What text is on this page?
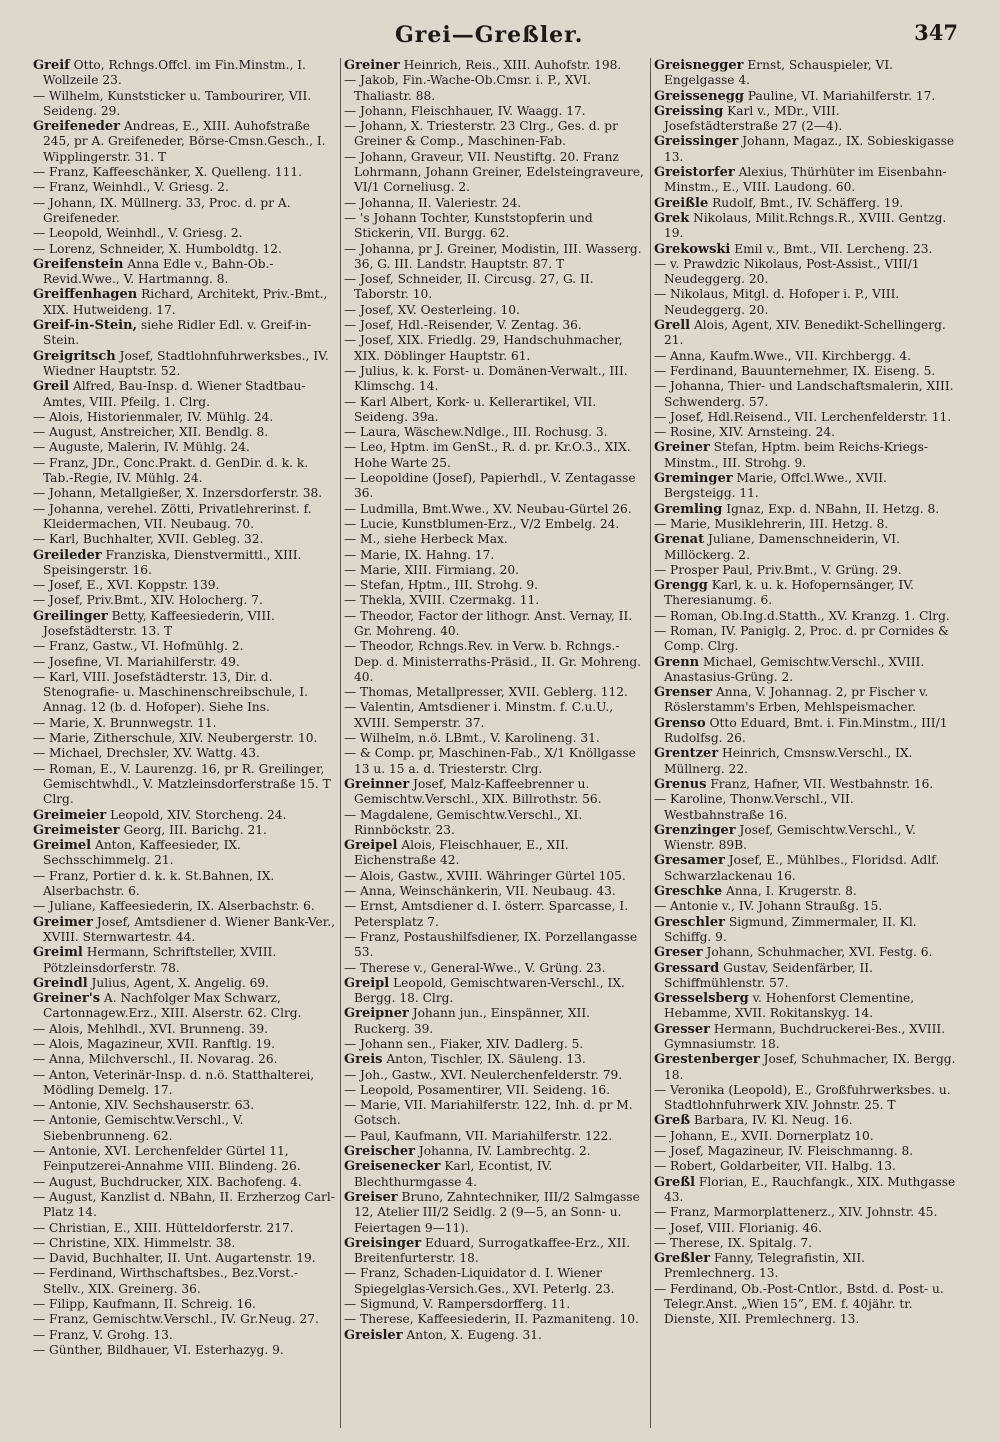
Grei—Greßler.	347
Greif Otto, Rchngs.Offcl. im Fin.Minstm., I. Wollzeile 23.
— Wilhelm, Kunststicker u. Tambourirer, VII. Seideng. 29.
Greifeneder Andreas, E., XIII. Auhofstraße 245, pr A. Greifeneder, Börse-Cmsn.Gesch., I. Wipplingerstr. 31. T
— Franz, Kaffeeschänker, X. Quelleng. 111.
— Franz, Weinhdl., V. Griesg. 2.
— Johann, IX. Müllnerg. 33, Proc. d. pr A. Greifeneder.
— Leopold, Weinhdl., V. Griesg. 2.
— Lorenz, Schneider, X. Humboldtg. 12.
Greifenstein Anna Edle v., Bahn-Ob.-Revid.Wwe., V. Hartmanng. 8.
Greiffenhagen Richard, Architekt, Priv.-Bmt., XIX. Hutweideng. 17.
Greif-in-Stein, siehe Ridler Edl. v. Greif-in-Stein.
Greigritsch Josef, Stadtlohnfuhrwerksbes., IV. Wiedner Hauptstr. 52.
Greil Alfred, Bau-Insp. d. Wiener Stadtbau-Amtes, VIII. Pfeilg. 1. Clrg.
— Alois, Historienmaler, IV. Mühlg. 24.
— August, Anstreicher, XII. Bendlg. 8.
— Auguste, Malerin, IV. Mühlg. 24.
— Franz, JDr., Conc.Prakt. d. GenDir. d. k. k. Tab.-Regie, IV. Mühlg. 24.
— Johann, Metallgießer, X. Inzersdorferstr. 38.
— Johanna, verehel. Zötti, Privatlehrerinst. f. Kleidermachen, VII. Neubaug. 70.
— Karl, Buchhalter, XVII. Gebleg. 32.
Greileder Franziska, Dienstvermittl., XIII. Speisingerstr. 16.
— Josef, E., XVI. Koppstr. 139.
— Josef, Priv.Bmt., XIV. Holocherg. 7.
Greilinger Betty, Kaffeesiederin, VIII. Josefstädterstr. 13. T
— Franz, Gastw., VI. Hofmühlg. 2.
— Josefine, VI. Mariahilferstr. 49.
— Karl, VIII. Josefstädterstr. 13, Dir. d. Stenografie- u. Maschinenschreibschule, I. Annag. 12 (b. d. Hofoper). Siehe Ins.
— Marie, X. Brunnwegstr. 11.
— Marie, Zitherschule, XIV. Neubergerstr. 10.
— Michael, Drechsler, XV. Wattg. 43.
— Roman, E., V. Laurenzg. 16, pr R. Greilinger, Gemischtwhdl., V. Matzleinsdorferstraße 15. T Clrg.
Greimeier Leopold, XIV. Storcheng. 24.
Greimeister Georg, III. Barichg. 21.
Greimel Anton, Kaffeesieder, IX. Sechsschimmelg. 21.
— Franz, Portier d. k. k. St.Bahnen, IX. Alserbachstr. 6.
— Juliane, Kaffeesiederin, IX. Alserbachstr. 6.
Greimer Josef, Amtsdiener d. Wiener Bank-Ver., XVIII. Sternwartestr. 44.
Greiml Hermann, Schriftsteller, XVIII. Pötzleinsdorferstr. 78.
Greindl Julius, Agent, X. Angelig. 69.
Greiner's A. Nachfolger Max Schwarz, Cartonnagew.Erz., XIII. Alserstr. 62. Clrg.
— Alois, Mehlhdl., XVI. Brunneng. 39.
— Alois, Magazineur, XVII. Ranftlg. 19.
— Anna, Milchverschl., II. Novarag. 26.
— Anton, Veterinär-Insp. d. n.ö. Statthalterei, Mödling Demelg. 17.
— Antonie, XIV. Sechshauserstr. 63.
— Antonie, Gemischtw.Verschl., V. Siebenbrunneng. 62.
— Antonie, XVI. Lerchenfelder Gürtel 11, Feinputzerei-Annahme VIII. Blindeng. 26.
— August, Buchdrucker, XIX. Bachofeng. 4.
— August, Kanzlist d. NBahn, II. Erzherzog Carl-Platz 14.
— Christian, E., XIII. Hütteldorferstr. 217.
— Christine, XIX. Himmelstr. 38.
— David, Buchhalter, II. Unt. Augartenstr. 19.
— Ferdinand, Wirthschaftsbes., Bez.Vorst.-Stellv., XIX. Greinerg. 36.
— Filipp, Kaufmann, II. Schreig. 16.
— Franz, Gemischtw.Verschl., IV. Gr.Neug. 27.
— Franz, V. Grohg. 13.
— Günther, Bildhauer, VI. Esterhazyg. 9.
Greiner Heinrich, Reis., XIII. Auhofstr. 198.
— Jakob, Fin.-Wache-Ob.Cmsr. i. P., XVI. Thaliastr. 88.
— Johann, Fleischhauer, IV. Waagg. 17.
— Johann, X. Triesterstr. 23 Clrg., Ges. d. pr Greiner & Comp., Maschinen-Fab.
— Johann, Graveur, VII. Neustiftg. 20. Franz Lohrmann, Johann Greiner, Edelsteingraveure, VI/1 Corneliusg. 2.
— Johanna, II. Valeriestr. 24.
— 's Johann Tochter, Kunststopferin und Stickerin, VII. Burgg. 62.
— Johanna, pr J. Greiner, Modistin, III. Wasserg. 36, G. III. Landstr. Hauptstr. 87. T
— Josef, Schneider, II. Circusg. 27, G. II. Taborstr. 10.
— Josef, XV. Oesterleing. 10.
— Josef, Hdl.-Reisender, V. Zentag. 36.
— Josef, XIX. Friedlg. 29, Handschuhmacher, XIX. Döblinger Hauptstr. 61.
— Julius, k. k. Forst- u. Domänen-Verwalt., III. Klimschg. 14.
— Karl Albert, Kork- u. Kellerartikel, VII. Seideng. 39a.
— Laura, Wäschew.Ndlge., III. Rochusg. 3.
— Leo, Hptm. im GenSt., R. d. pr. Kr.O.3., XIX. Hohe Warte 25.
— Leopoldine (Josef), Papierhdl., V. Zentagasse 36.
— Ludmilla, Bmt.Wwe., XV. Neubau-Gürtel 26.
— Lucie, Kunstblumen-Erz., V/2 Embelg. 24.
— M., siehe Herbeck Max.
— Marie, IX. Hahng. 17.
— Marie, XIII. Firmiang. 20.
— Stefan, Hptm., III. Strohg. 9.
— Thekla, XVIII. Czermakg. 11.
— Theodor, Factor der lithogr. Anst. Vernay, II. Gr. Mohreng. 40.
— Theodor, Rchngs.Rev. in Verw. b. Rchngs.-Dep. d. Ministerraths-Präsid., II. Gr. Mohreng. 40.
— Thomas, Metallpresser, XVII. Geblerg. 112.
— Valentin, Amtsdiener i. Minstm. f. C.u.U., XVIII. Semperstr. 37.
— Wilhelm, n.ö. LBmt., V. Karolineng. 31.
— & Comp. pr, Maschinen-Fab., X/1 Knöllgasse 13 u. 15 a. d. Triesterstr. Clrg.
Greinner Josef, Malz-Kaffeebrenner u. Gemischtw.Verschl., XIX. Billrothstr. 56.
— Magdalene, Gemischtw.Verschl., XI. Rinnböckstr. 23.
Greipel Alois, Fleischhauer, E., XII. Eichenstraße 42.
— Alois, Gastw., XVIII. Währinger Gürtel 105.
— Anna, Weinschänkerin, VII. Neubaug. 43.
— Ernst, Amtsdiener d. I. österr. Sparcasse, I. Petersplatz 7.
— Franz, Postaushilfsdiener, IX. Porzellangasse 53.
— Therese v., General-Wwe., V. Grüng. 23.
Greipl Leopold, Gemischtwaren-Verschl., IX. Bergg. 18. Clrg.
Greipner Johann jun., Einspänner, XII. Ruckerg. 39.
— Johann sen., Fiaker, XIV. Dadlerg. 5.
Greis Anton, Tischler, IX. Säuleng. 13.
— Joh., Gastw., XVI. Neulerchenfelderstr. 79.
— Leopold, Posamentirer, VII. Seideng. 16.
— Marie, VII. Mariahilferstr. 122, Inh. d. pr M. Gotsch.
— Paul, Kaufmann, VII. Mariahilferstr. 122.
Greischer Johanna, IV. Lambrechtg. 2.
Greisenecker Karl, Econtist, IV. Blechthurmgasse 4.
Greiser Bruno, Zahntechniker, III/2 Salmgasse 12, Atelier III/2 Seidlg. 2 (9—5, an Sonn- u. Feiertagen 9—11).
Greisinger Eduard, Surrogatkaffee-Erz., XII. Breitenfurterstr. 18.
— Franz, Schaden-Liquidator d. I. Wiener Spiegelglas-Versich.Ges., XVI. Peterlg. 23.
— Sigmund, V. Rampersdorfferg. 11.
— Therese, Kaffeesiederin, II. Pazmaniteng. 10.
Greisler Anton, X. Eugeng. 31.
Greisnegger Ernst, Schauspieler, VI. Engelgasse 4.
Greissenegg Pauline, VI. Mariahilferstr. 17.
Greissing Karl v., MDr., VIII. Josefstädterstraße 27 (2—4).
Greissinger Johann, Magaz., IX. Sobieskigasse 13.
Greistorfer Alexius, Thürhüter im Eisenbahn-Minstm., E., VIII. Laudong. 60.
Greißle Rudolf, Bmt., IV. Schäfferg. 19.
Grek Nikolaus, Milit.Rchngs.R., XVIII. Gentzg. 19.
Grekowski Emil v., Bmt., VII. Lercheng. 23.
— v. Prawdzic Nikolaus, Post-Assist., VIII/1 Neudeggerg. 20.
— Nikolaus, Mitgl. d. Hofoper i. P., VIII. Neudeggerg. 20.
Grell Alois, Agent, XIV. Benedikt-Schellingerg. 21.
— Anna, Kaufm.Wwe., VII. Kirchbergg. 4.
— Ferdinand, Bauunternehmer, IX. Eiseng. 5.
— Johanna, Thier- und Landschaftsmalerin, XIII. Schwenderg. 57.
— Josef, Hdl.Reisend., VII. Lerchenfelderstr. 11.
— Rosine, XIV. Arnsteing. 24.
Greiner Stefan, Hptm. beim Reichs-Kriegs-Minstm., III. Strohg. 9.
Greminger Marie, Offcl.Wwe., XVII. Bergsteigg. 11.
Gremling Ignaz, Exp. d. NBahn, II. Hetzg. 8.
— Marie, Musiklehrerin, III. Hetzg. 8.
Grenat Juliane, Damenschneiderin, VI. Millöckerg. 2.
— Prosper Paul, Priv.Bmt., V. Grüng. 29.
Grengg Karl, k. u. k. Hofopernsänger, IV. Theresianumg. 6.
— Roman, Ob.Ing.d.Statth., XV. Kranzg. 1. Clrg.
— Roman, IV. Paniglg. 2, Proc. d. pr Cornides & Comp. Clrg.
Grenn Michael, Gemischtw.Verschl., XVIII. Anastasius-Grüng. 2.
Grenser Anna, V. Johannag. 2, pr Fischer v. Röslerstamm's Erben, Mehlspeismacher.
Grenso Otto Eduard, Bmt. i. Fin.Minstm., III/1 Rudolfsg. 26.
Grentzer Heinrich, Cmsnsw.Verschl., IX. Müllnerg. 22.
Grenus Franz, Hafner, VII. Westbahnstr. 16.
— Karoline, Thonw.Verschl., VII. Westbahnstraße 16.
Grenzinger Josef, Gemischtw.Verschl., V. Wienstr. 89B.
Gresamer Josef, E., Mühlbes., Floridsd. Adlf. Schwarzlackenau 16.
Greschke Anna, I. Krugerstr. 8.
— Antonie v., IV. Johann Straußg. 15.
Greschler Sigmund, Zimmermaler, II. Kl. Schiffg. 9.
Greser Johann, Schuhmacher, XVI. Festg. 6.
Gressard Gustav, Seidenfärber, II. Schiffmühlenstr. 57.
Gresselsberg v. Hohenforst Clementine, Hebamme, XVII. Rokitanskyg. 14.
Gresser Hermann, Buchdruckerei-Bes., XVIII. Gymnasiumstr. 18.
Grestenberger Josef, Schuhmacher, IX. Bergg. 18.
— Veronika (Leopold), E., Großfuhrwerksbes. u. Stadtlohnfuhrwerk XIV. Johnstr. 25. T
Greß Barbara, IV. Kl. Neug. 16.
— Johann, E., XVII. Dornerplatz 10.
— Josef, Magazineur, IV. Fleischmanng. 8.
— Robert, Goldarbeiter, VII. Halbg. 13.
Greßl Florian, E., Rauchfangk., XIX. Muthgasse 43.
— Franz, Marmorplattenerz., XIV. Johnstr. 45.
— Josef, VIII. Florianig. 46.
— Therese, IX. Spitalg. 7.
Greßler Fanny, Telegrafistin, XII. Premlechnerg. 13.
— Ferdinand, Ob.-Post-Cntlor., Bstd. d. Post- u. Telegr.Anst. „Wien 15”, EM. f. 40jähr. tr. Dienste, XII. Premlechnerg. 13.
